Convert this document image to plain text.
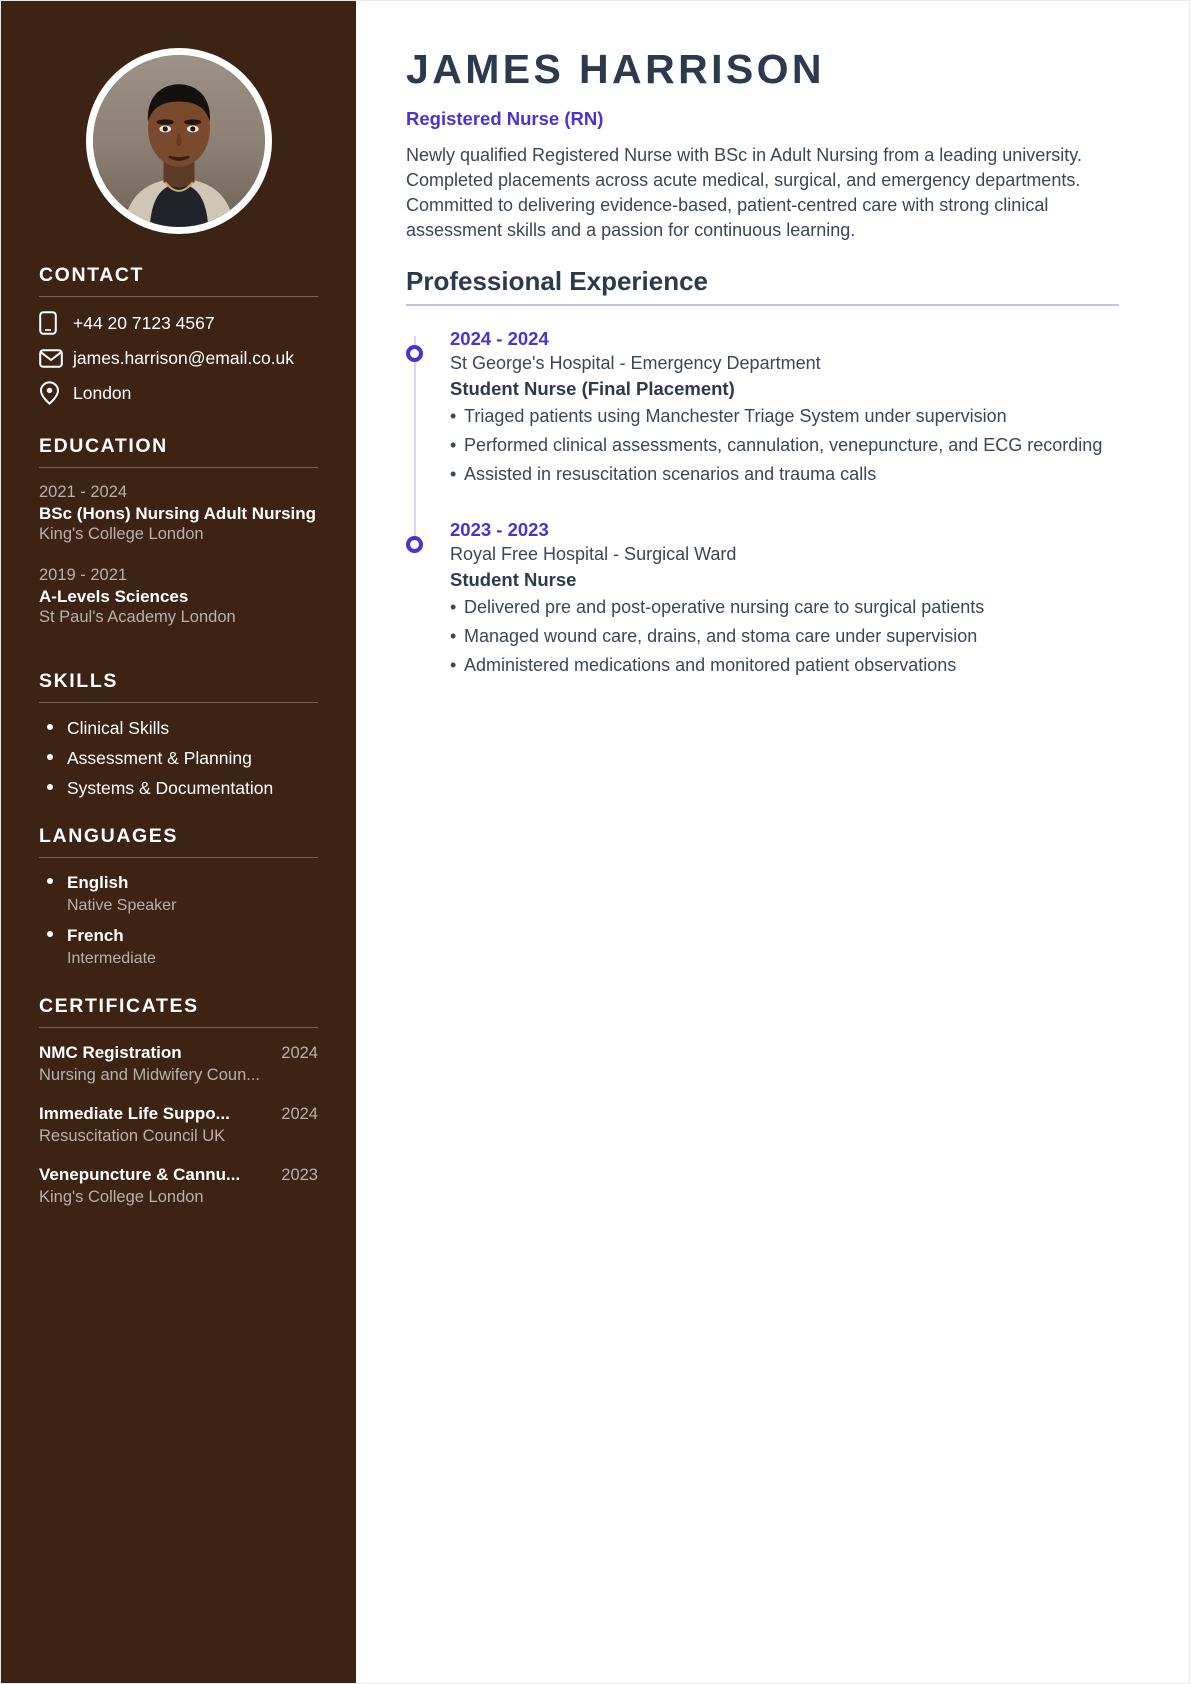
CONTACT
+44 20 7123 4567
james.harrison@email.co.uk
London
EDUCATION
2021 - 2024
BSc (Hons) Nursing Adult Nursing
King's College London
2019 - 2021
A-Levels Sciences
St Paul's Academy London
SKILLS
Clinical Skills
Assessment & Planning
Systems & Documentation
LANGUAGES
English
Native Speaker
French
Intermediate
CERTIFICATES
NMC Registration	2024
Nursing and Midwifery Coun...
Immediate Life Suppo...	2024
Resuscitation Council UK
Venepuncture & Cannu... 2023
King's College London
JAMES HARRISON
Registered Nurse (RN)

Newly qualified Registered Nurse with BSc in Adult Nursing from a leading university. Completed placements across acute medical, surgical, and emergency departments. Committed to delivering evidence-based, patient-centred care with strong clinical assessment skills and a passion for continuous learning.

Professional Experience
2024 - 2024
St George's Hospital - Emergency Department
Student Nurse (Final Placement)
• Triaged patients using Manchester Triage System under supervision
• Performed clinical assessments, cannulation, venepuncture, and ECG recording
• Assisted in resuscitation scenarios and trauma calls
2023 - 2023
Royal Free Hospital - Surgical Ward
Student Nurse
• Delivered pre and post-operative nursing care to surgical patients
• Managed wound care, drains, and stoma care under supervision
• Administered medications and monitored patient observations
